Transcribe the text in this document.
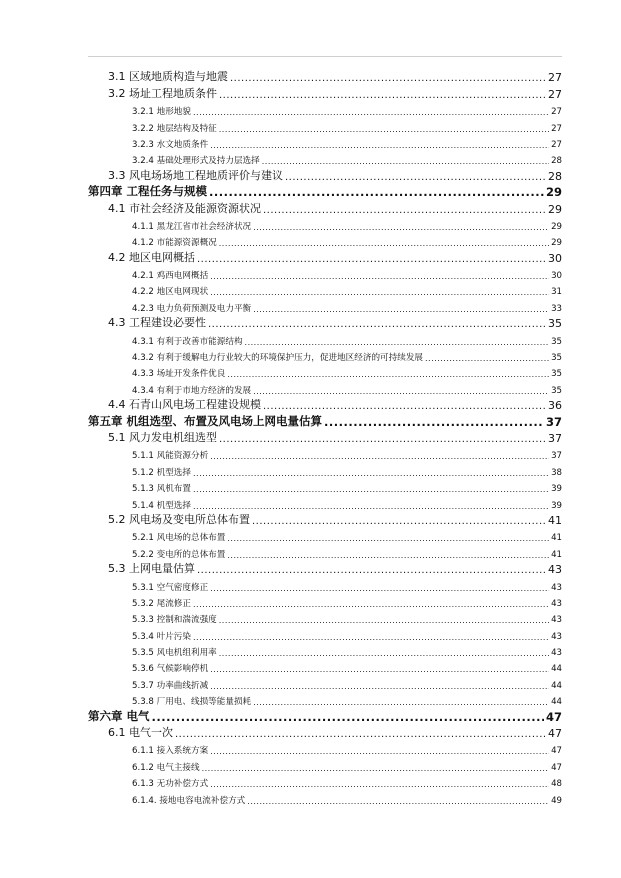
3.1 区域地质构造与地震 .....	27
3.2 场址工程地质条件 .....	27
3.2.1 地形地貌 .....	27
3.2.2 地层结构及特征 .....	27
3.2.3 水文地质条件 .....	27
3.2.4 基础处理形式及持力层选择 .....	28
3.3 风电场场地工程地质评价与建议 .....	28
第四章 工程任务与规模 .....	29
4.1 市社会经济及能源资源状况 .....	29
4.1.1 黑龙江省市社会经济状况 .....	29
4.1.2 市能源资源概况 .....	29
4.2 地区电网概括 .....	30
4.2.1 鸡西电网概括 .....	30
4.2.2 地区电网现状 .....	31
4.2.3 电力负荷预测及电力平衡 .....	33
4.3 工程建设必要性 .....	35
4.3.1 有利于改善市能源结构 .....	35
4.3.2 有利于缓解电力行业较大的环境保护压力，促进地区经济的可持续发展 .....	35
4.3.3 场址开发条件优良 .....	35
4.3.4 有利于市地方经济的发展 .....	35
4.4 石青山风电场工程建设规模 .....	36
第五章 机组选型、布置及风电场上网电量估算 .....	37
5.1 风力发电机组选型 .....	37
5.1.1 风能资源分析 .....	37
5.1.2 机型选择 .....	38
5.1.3 风机布置 .....	39
5.1.4 机型选择 .....	39
5.2 风电场及变电所总体布置 .....	41
5.2.1 风电场的总体布置 .....	41
5.2.2 变电所的总体布置 .....	41
5.3 上网电量估算 .....	43
5.3.1 空气密度修正 .....	43
5.3.2 尾流修正 .....	43
5.3.3 控制和湍流强度 .....	43
5.3.4 叶片污染 .....	43
5.3.5 风电机组利用率 .....	43
5.3.6 气候影响停机 .....	44
5.3.7 功率曲线折减 .....	44
5.3.8 厂用电、线损等能量损耗 .....	44
第六章 电气 .....	47
6.1 电气一次 .....	47
6.1.1 接入系统方案 .....	47
6.1.2 电气主接线 .....	47
6.1.3 无功补偿方式 .....	48
6.1.4. 接地电容电流补偿方式 .....	49
